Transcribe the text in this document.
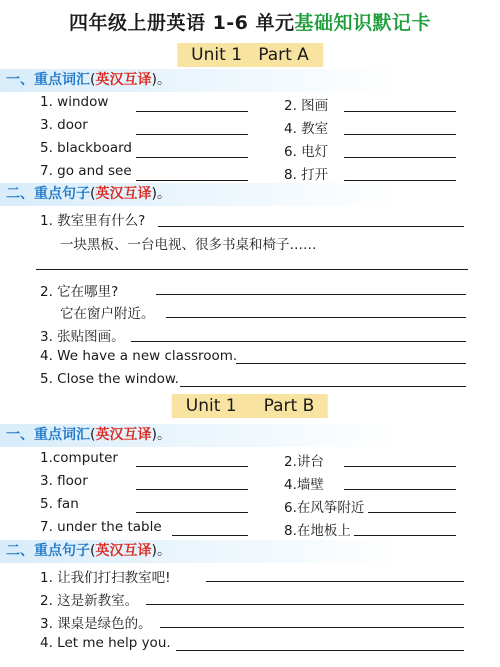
四年级上册英语 1-6 单元基础知识默记卡
Unit 1   Part A
一、重点词汇(英汉互译)。
1. window	2. 图画
3. door	4. 教室
5. blackboard	6. 电灯
7. go and see	8. 打开
二、重点句子(英汉互译)。
1. 教室里有什么?
一块黑板、一台电视、很多书桌和椅子……
2. 它在哪里?
它在窗户附近。
3. 张贴图画。
4. We have a new classroom.
5. Close the window.
Unit 1     Part B
一、重点词汇(英汉互译)。
1.computer	2.讲台
3. floor	4.墙壁
5. fan	6.在风筝附近
7. under the table	8.在地板上
二、重点句子(英汉互译)。
1. 让我们打扫教室吧!
2. 这是新教室。
3. 课桌是绿色的。
4. Let me help you.
